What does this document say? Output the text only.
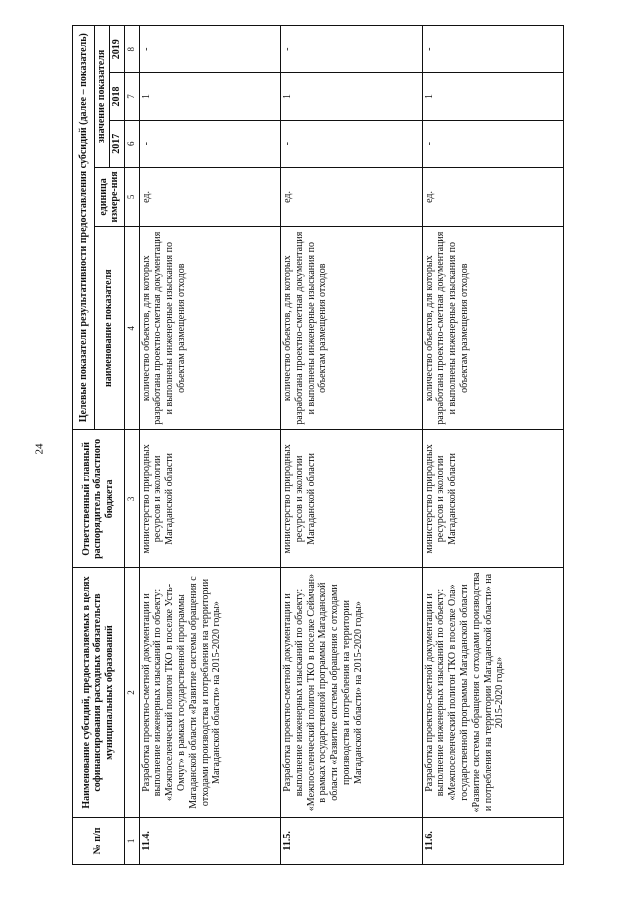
24
№ п/п	Наименование субсидий, предоставляемых в целях софинансирования расходных обязательств муниципальных образований	Ответственный главный распорядитель областного бюджета	Целевые показатели результативности предоставления субсидий (далее – показатель)				
			наименование показателя	единица измере-ния	значение показателя		
					2017	2018	2019
1	2	3	4	5	6	7	8
11.4.	Разработка проектно-сметной документации и выполнение инженерных изысканий по объекту: «Межпоселенческий полигон ТКО в поселке Усть-Омчуг» в рамках государственной программы Магаданской области «Развитие системы обращения с отходами производства и потребления на территории Магаданской области» на 2015-2020 годы»	министерство природных ресурсов и экологии Магаданской области	количество объектов, для которых разработана проектно-сметная документация и выполнены инженерные изыскания по объектам размещения отходов	ед.	-	1	-
11.5.	Разработка проектно-сметной документации и выполнение инженерных изысканий по объекту: «Межпоселенческий полигон ТКО в поселке Сеймчан» в рамках государственной программы Магаданской области «Развитие системы обращения с отходами производства и потребления на территории Магаданской области» на 2015-2020 годы»	министерство природных ресурсов и экологии Магаданской области	количество объектов, для которых разработана проектно-сметная документация и выполнены инженерные изыскания по объектам размещения отходов	ед.	-	1	-
11.6.	Разработка проектно-сметной документации и выполнение инженерных изысканий по объекту: «Межпоселенческий полигон ТКО в поселке Ола» государственной программы Магаданской области «Развитие системы обращения с отходами производства и потребления на территории Магаданской области» на 2015-2020 годы»	министерство природных ресурсов и экологии Магаданской области	количество объектов, для которых разработана проектно-сметная документация и выполнены инженерные изыскания по объектам размещения отходов	ед.	-	1	-
